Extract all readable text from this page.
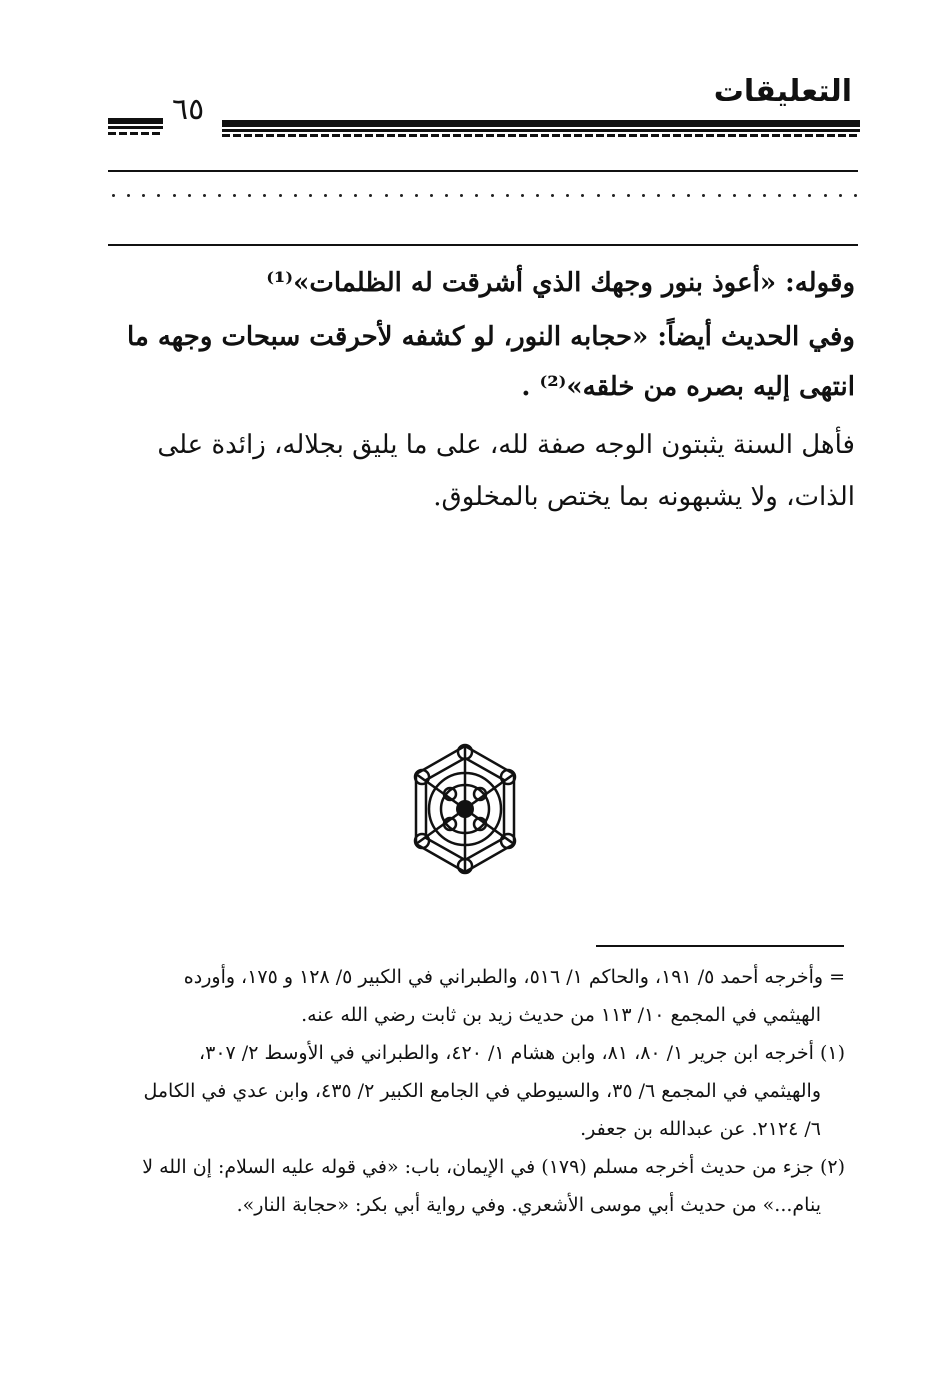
التعليقات
٦٥
وقوله: «أعوذ بنور وجهك الذي أشرقت له الظلمات»⁽¹⁾
وفي الحديث أيضاً: «حجابه النور، لو كشفه لأحرقت سبحات وجهه ما
انتهى إليه بصره من خلقه»⁽²⁾ .
فأهل السنة يثبتون الوجه صفة لله، على ما يليق بجلاله، زائدة على
الذات، ولا يشبهونه بما يختص بالمخلوق.
= وأخرجه أحمد ٥/ ١٩١، والحاكم ١/ ٥١٦، والطبراني في الكبير ٥/ ١٢٨ و ١٧٥، وأورده
الهيثمي في المجمع ١٠/ ١١٣ من حديث زيد بن ثابت رضي الله عنه.
(١) أخرجه ابن جرير ١/ ٨٠، ٨١، وابن هشام ١/ ٤٢٠، والطبراني في الأوسط ٢/ ٣٠٧،
والهيثمي في المجمع ٦/ ٣٥، والسيوطي في الجامع الكبير ٢/ ٤٣٥، وابن عدي في الكامل
٦/ ٢١٢٤. عن عبدالله بن جعفر.
(٢) جزء من حديث أخرجه مسلم (١٧٩) في الإيمان، باب: «في قوله عليه السلام: إن الله لا
ينام...» من حديث أبي موسى الأشعري. وفي رواية أبي بكر: «حجابة النار».
